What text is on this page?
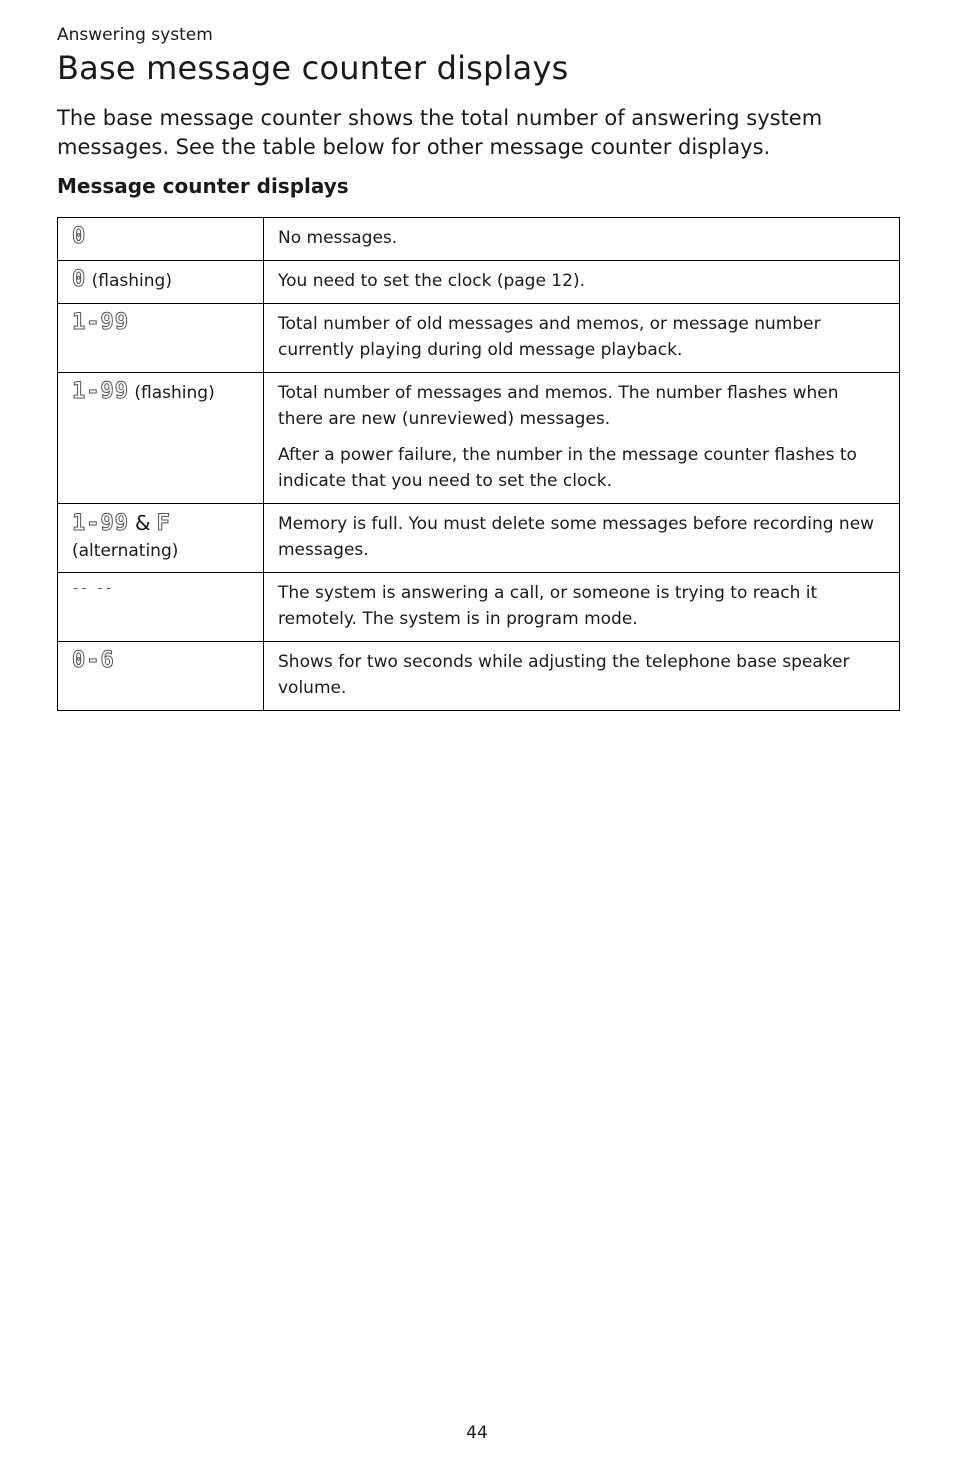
Answering system
Base message counter displays

The base message counter shows the total number of answering system messages. See the table below for other message counter displays.

Message counter displays
0	No messages.

0 (flashing)	You need to set the clock (page 12).

1-99	Total number of old messages and memos, or message number currently playing during old message playback.

1-99 (flashing)	Total number of messages and memos. The number flashes when there are new (unreviewed) messages.

After a power failure, the number in the message counter flashes to indicate that you need to set the clock.

1-99 & F
(alternating)	Memory is full. You must delete some messages before recording new messages.

-- --	The system is answering a call, or someone is trying to reach it remotely. The system is in program mode.

0-6	Shows for two seconds while adjusting the telephone base speaker volume.

44
